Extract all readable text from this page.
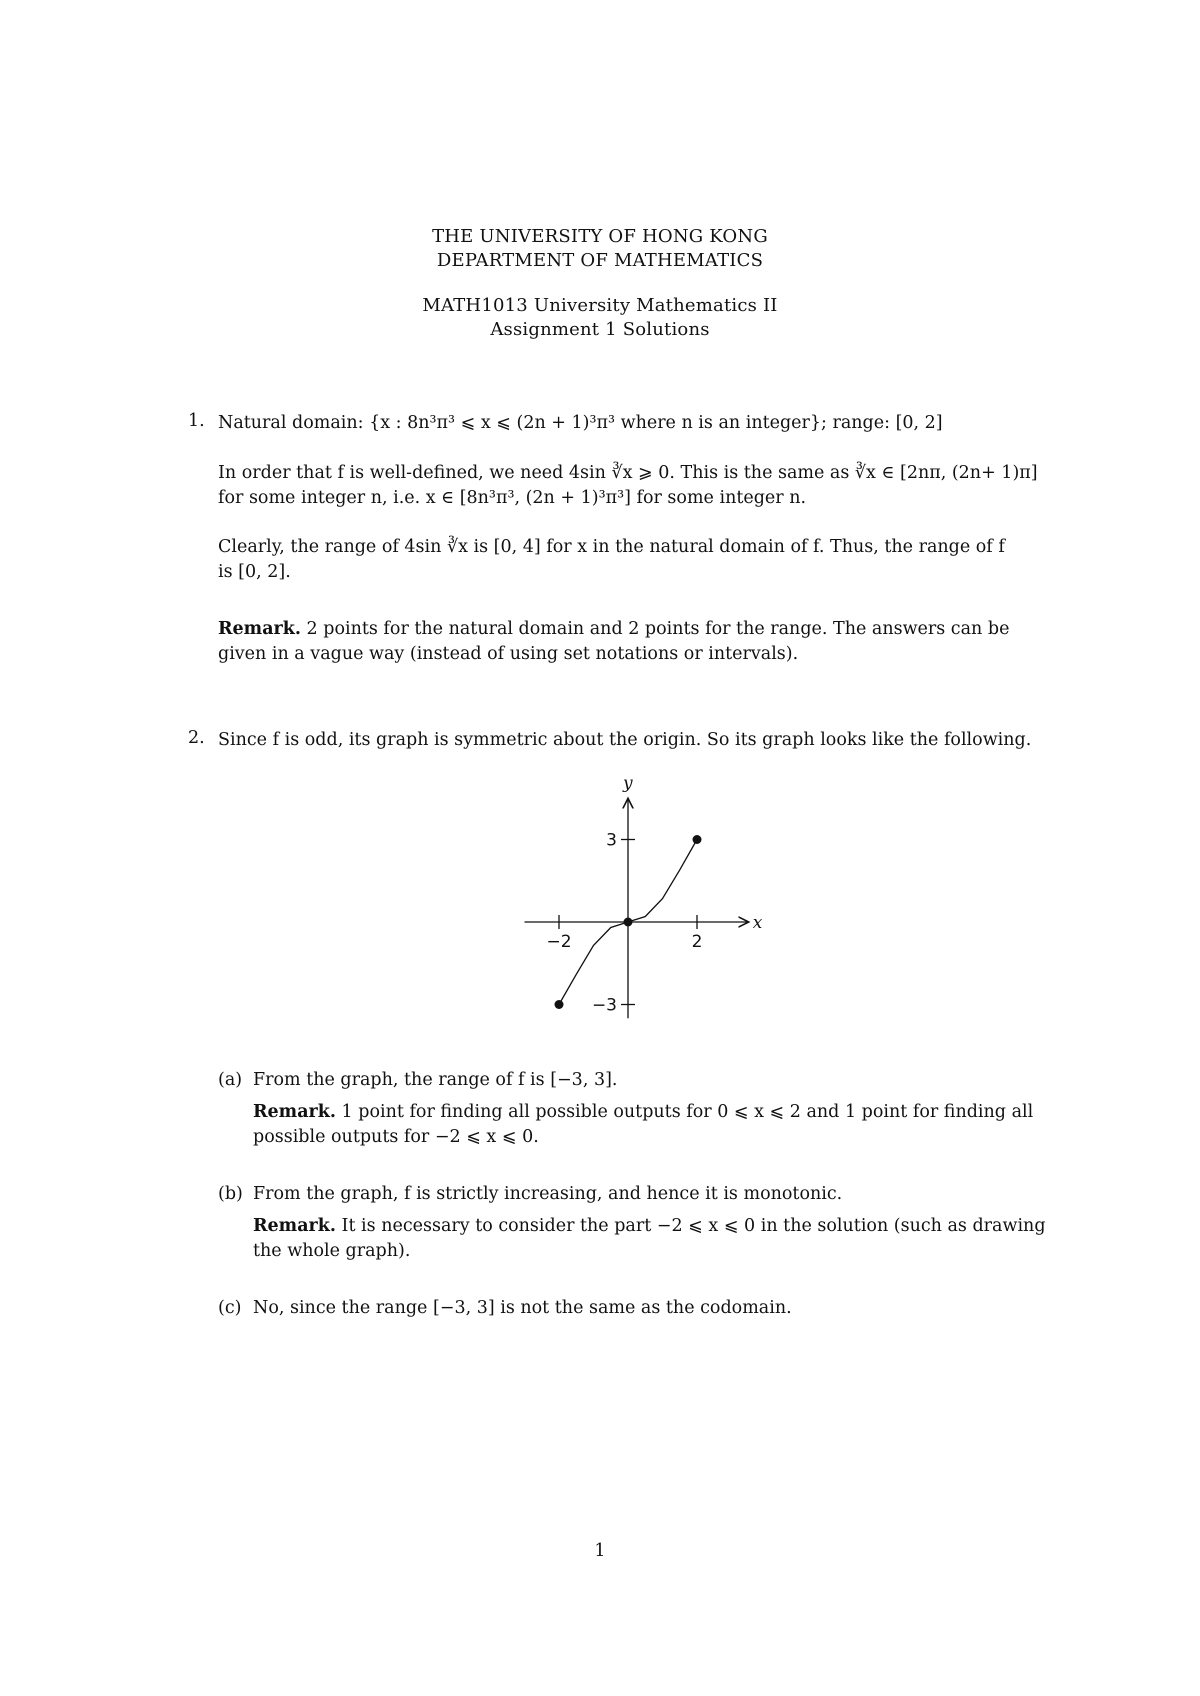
THE UNIVERSITY OF HONG KONG
DEPARTMENT OF MATHEMATICS
MATH1013 University Mathematics II
Assignment 1 Solutions
1. Natural domain: {x : 8n³π³ ⩽ x ⩽ (2n + 1)³π³ where n is an integer}; range: [0, 2]
In order that f is well-defined, we need 4sin ∛x ⩾ 0. This is the same as ∛x ∈ [2nπ, (2n+ 1)π]
for some integer n, i.e. x ∈ [8n³π³, (2n + 1)³π³] for some integer n.
Clearly, the range of 4sin ∛x is [0, 4] for x in the natural domain of f. Thus, the range of f
is [0, 2].
Remark. 2 points for the natural domain and 2 points for the range. The answers can be
given in a vague way (instead of using set notations or intervals).
2. Since f is odd, its graph is symmetric about the origin. So its graph looks like the following.
x
y
−2	2
3
−3
(a) From the graph, the range of f is [−3, 3].
Remark. 1 point for finding all possible outputs for 0 ⩽ x ⩽ 2 and 1 point for finding all
possible outputs for −2 ⩽ x ⩽ 0.
(b) From the graph, f is strictly increasing, and hence it is monotonic.
Remark. It is necessary to consider the part −2 ⩽ x ⩽ 0 in the solution (such as drawing
the whole graph).
(c) No, since the range [−3, 3] is not the same as the codomain.
1
